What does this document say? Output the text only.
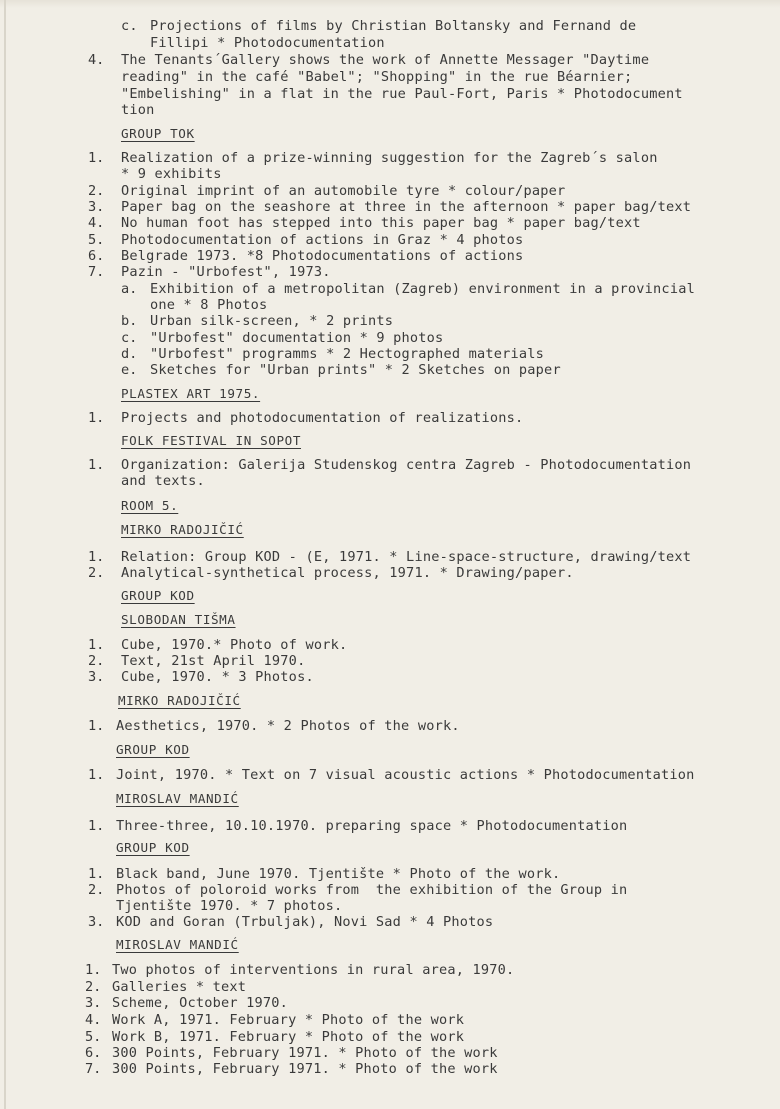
c. Projections of films by Christian Boltansky and Fernand de
Fillipi * Photodocumentation
4. The Tenants´Gallery shows the work of Annette Messager "Daytime
reading" in the café "Babel"; "Shopping" in the rue Béarnier;
"Embelishing" in a flat in the rue Paul-Fort, Paris * Photodocument
tion
GROUP TOK
1. Realization of a prize-winning suggestion for the Zagreb´s salon
* 9 exhibits
2. Original imprint of an automobile tyre * colour/paper
3. Paper bag on the seashore at three in the afternoon * paper bag/text
4. No human foot has stepped into this paper bag * paper bag/text
5. Photodocumentation of actions in Graz * 4 photos
6. Belgrade 1973. *8 Photodocumentations of actions
7. Pazin - "Urbofest", 1973.
a. Exhibition of a metropolitan (Zagreb) environment in a provincial
one * 8 Photos
b. Urban silk-screen, * 2 prints
c. "Urbofest" documentation * 9 photos
d. "Urbofest" programms * 2 Hectographed materials
e. Sketches for "Urban prints" * 2 Sketches on paper
PLASTEX ART 1975.
1. Projects and photodocumentation of realizations.
FOLK FESTIVAL IN SOPOT
1. Organization: Galerija Studenskog centra Zagreb - Photodocumentation
and texts.
ROOM 5.
MIRKO RADOJIČIĆ
1. Relation: Group KOD - (E, 1971. * Line-space-structure, drawing/text
2. Analytical-synthetical process, 1971. * Drawing/paper.
GROUP KOD
SLOBODAN TIŠMA
1. Cube, 1970.* Photo of work.
2. Text, 21st April 1970.
3. Cube, 1970. * 3 Photos.
MIRKO RADOJIČIĆ
1. Aesthetics, 1970. * 2 Photos of the work.
GROUP KOD
1. Joint, 1970. * Text on 7 visual acoustic actions * Photodocumentation
MIROSLAV MANDIĆ
1. Three-three, 10.10.1970. preparing space * Photodocumentation
GROUP KOD
1. Black band, June 1970. Tjentište * Photo of the work.
2. Photos of poloroid works from  the exhibition of the Group in
Tjentište 1970. * 7 photos.
3. KOD and Goran (Trbuljak), Novi Sad * 4 Photos
MIROSLAV MANDIĆ
1. Two photos of interventions in rural area, 1970.
2. Galleries * text
3. Scheme, October 1970.
4. Work A, 1971. February * Photo of the work
5. Work B, 1971. February * Photo of the work
6. 300 Points, February 1971. * Photo of the work
7. 300 Points, February 1971. * Photo of the work
